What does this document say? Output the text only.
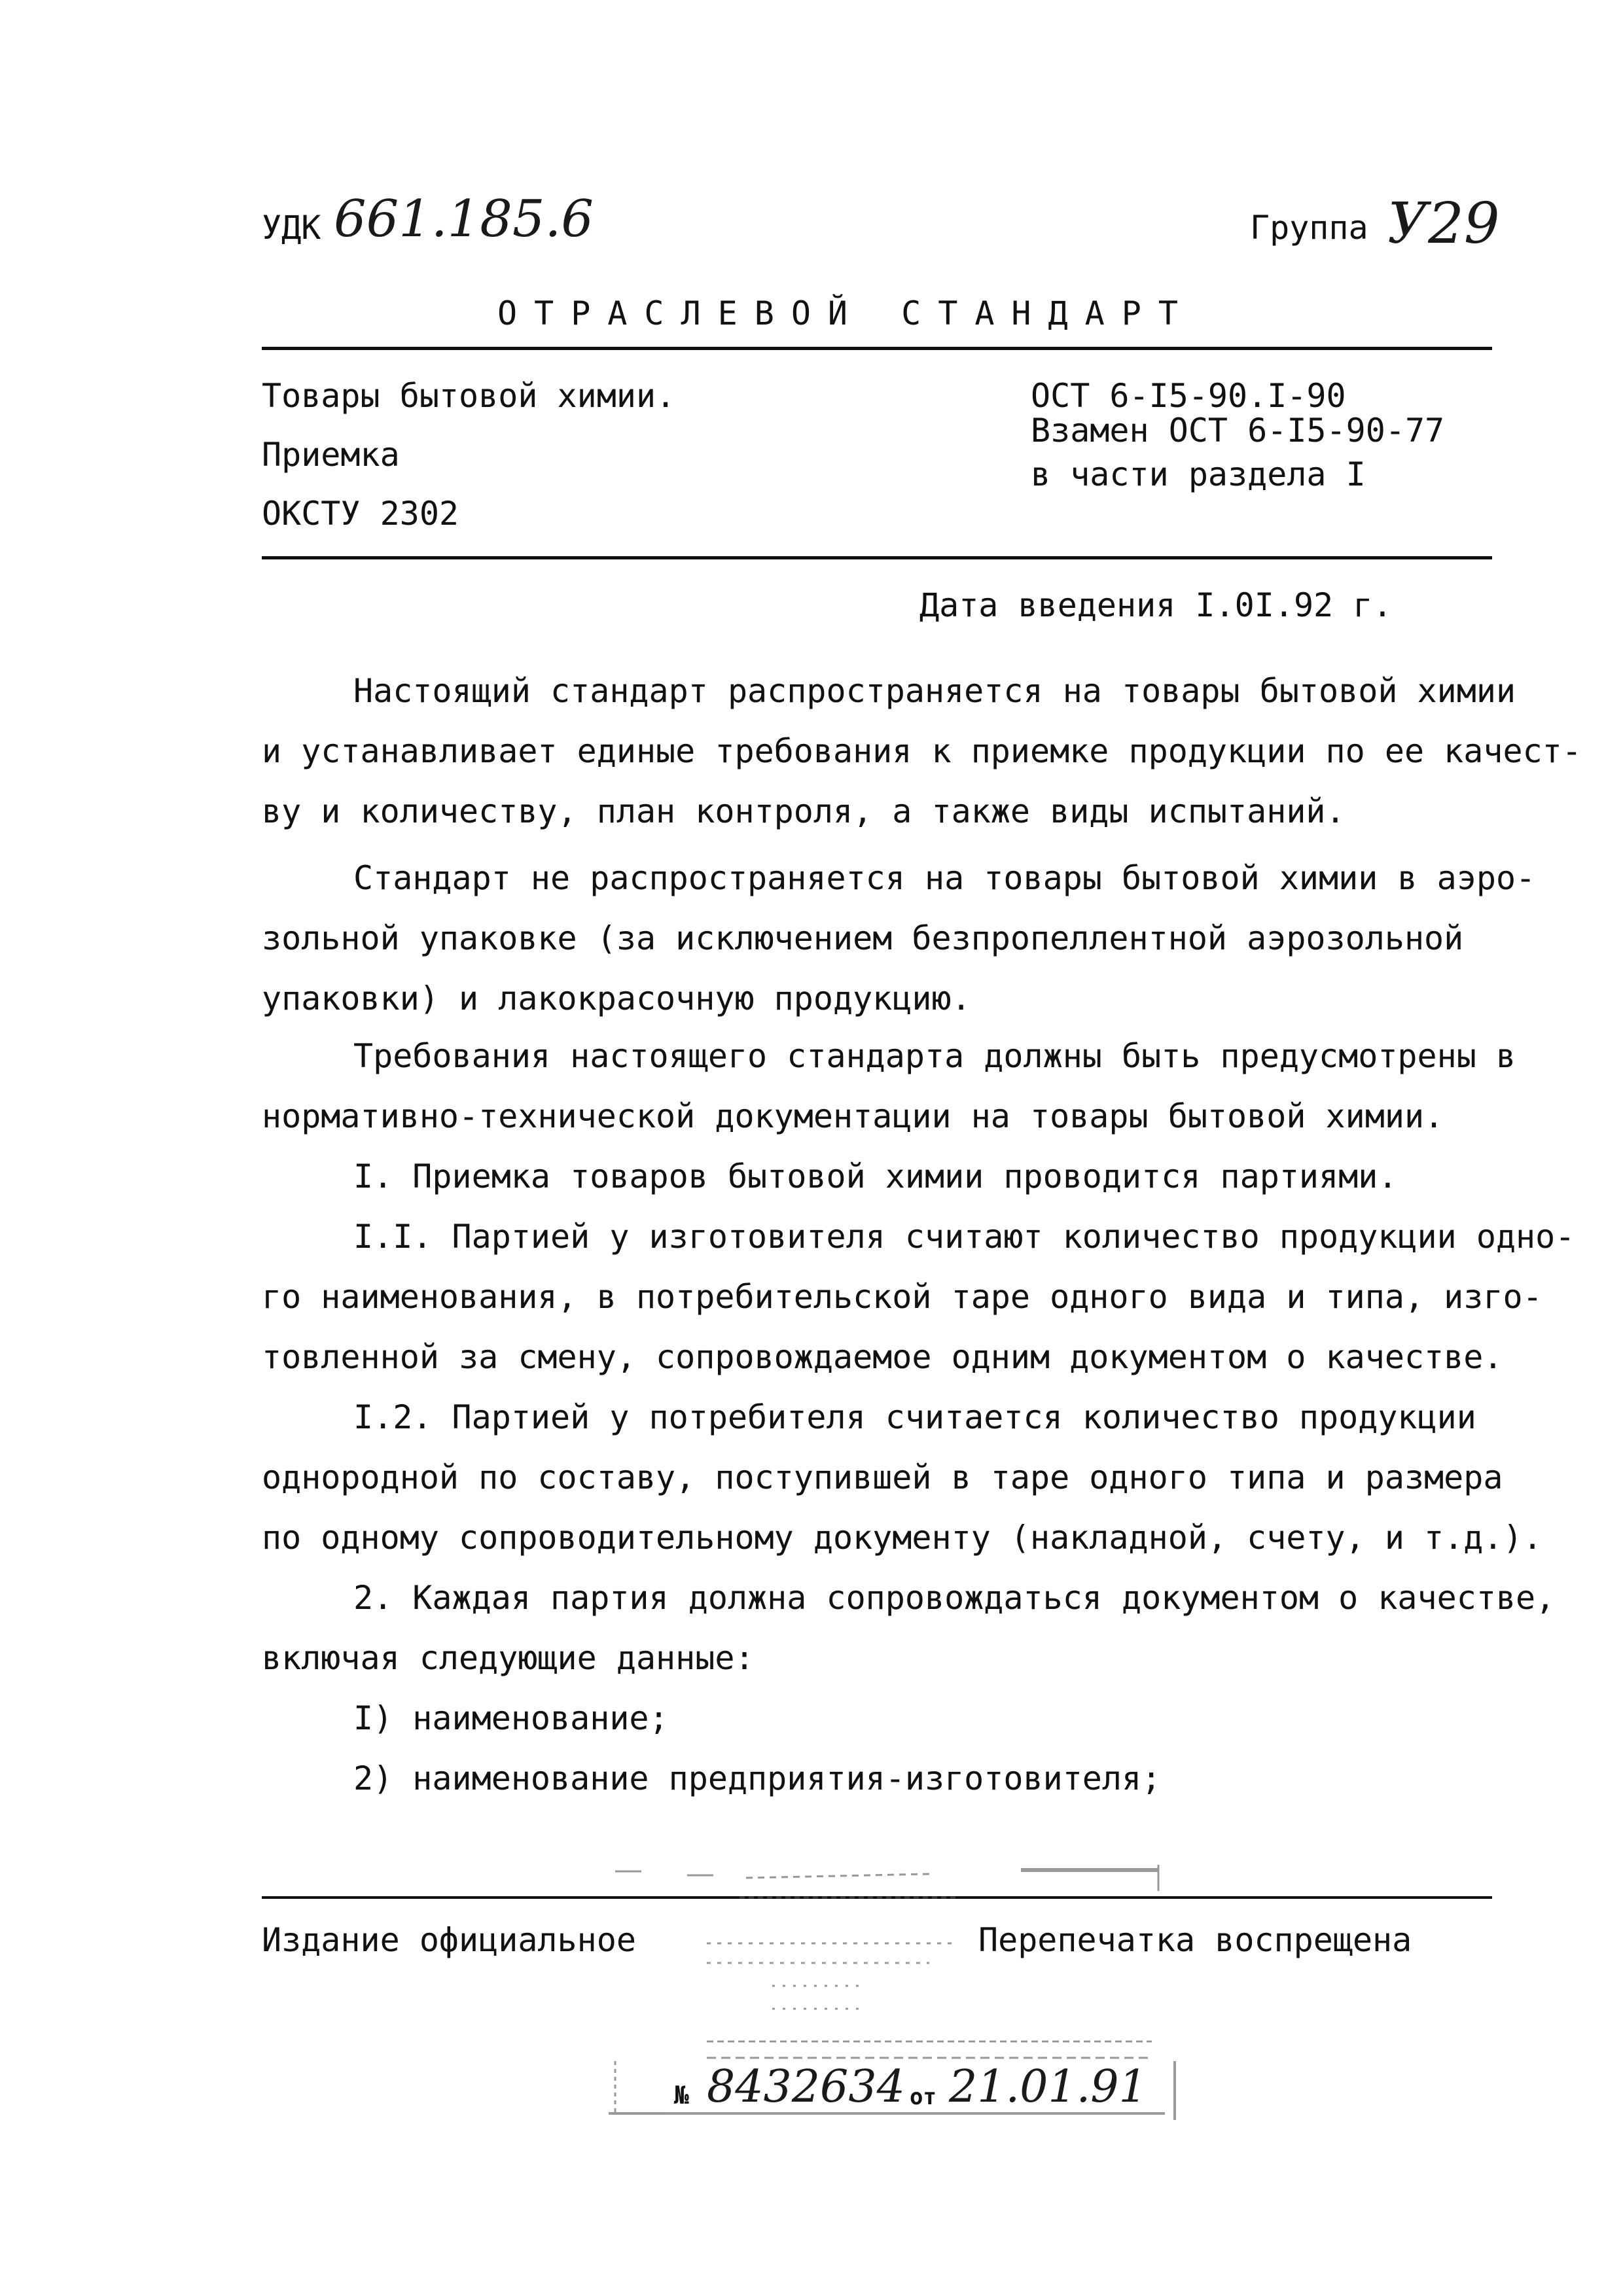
УДК 661.185.6	Группа У29
ОТРАСЛЕВОЙ СТАНДАРТ
Товары бытовой химии.
Приемка
ОКСТУ 2302
ОСТ 6-I5-90.I-90
Взамен ОСТ 6-I5-90-77
в части раздела I
Дата введения I.0I.92 г.
Настоящий стандарт распространяется на товары бытовой химии
и устанавливает единые требования к приемке продукции по ее качест-
ву и количеству, план контроля, а также виды испытаний.
Стандарт не распространяется на товары бытовой химии в аэро-
зольной упаковке (за исключением безпропеллентной аэрозольной
упаковки) и лакокрасочную продукцию.
Требования настоящего стандарта должны быть предусмотрены в
нормативно-технической документации на товары бытовой химии.
I. Приемка товаров бытовой химии проводится партиями.
I.I. Партией у изготовителя считают количество продукции одно-
го наименования, в потребительской таре одного вида и типа, изго-
товленной за смену, сопровождаемое одним документом о качестве.
I.2. Партией у потребителя считается количество продукции
однородной по составу, поступившей в таре одного типа и размера
по одному сопроводительному документу (накладной, счету, и т.д.).
2. Каждая партия должна сопровождаться документом о качестве,
включая следующие данные:
I) наименование;
2) наименование предприятия-изготовителя;
Издание официальное	Перепечатка воспрещена
№ 8432634 от 21.01.91
